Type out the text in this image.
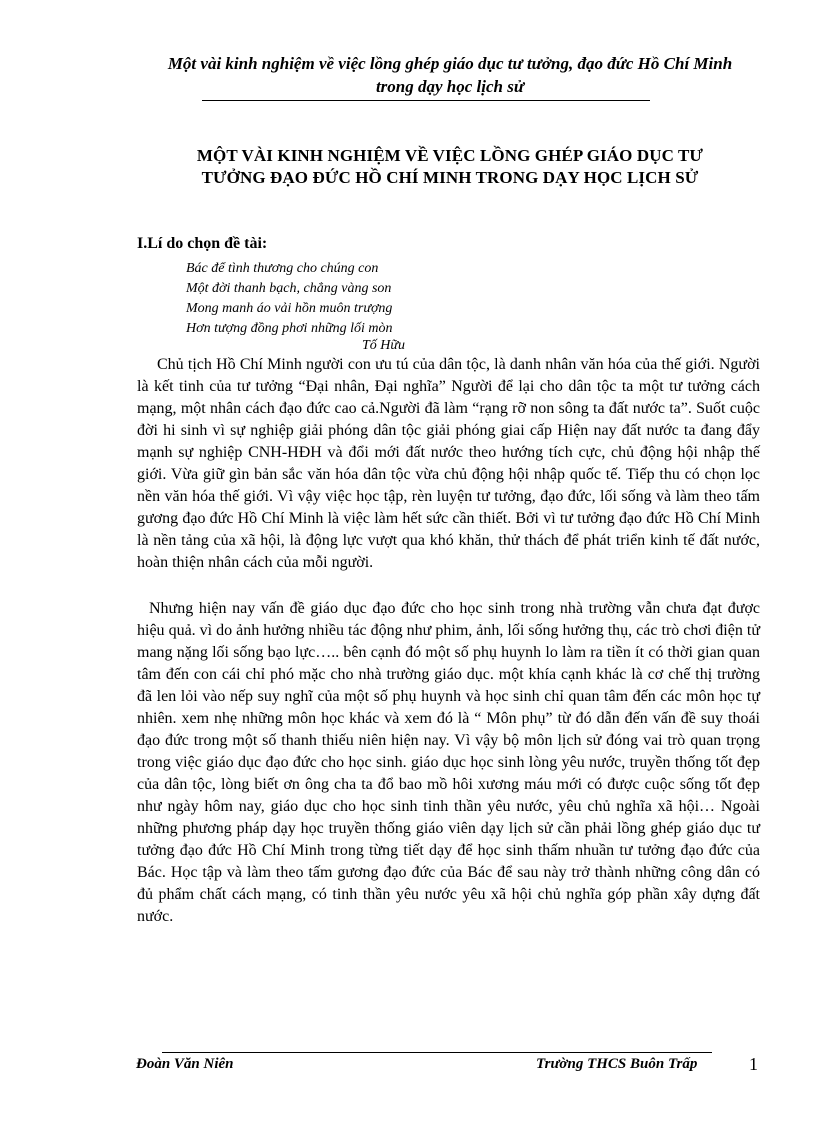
Một vài kinh nghiệm về việc lồng ghép giáo dục tư tưởng, đạo đức Hồ Chí Minh
trong dạy học lịch sử
MỘT VÀI KINH NGHIỆM VỀ VIỆC LỒNG GHÉP GIÁO DỤC TƯ
TƯỞNG ĐẠO ĐỨC HỒ CHÍ MINH TRONG DẠY HỌC LỊCH SỬ
I.Lí do chọn đề tài:
Bác để tình thương cho chúng con
Một đời thanh bạch, chẳng vàng son
Mong manh áo vải hồn muôn trượng
Hơn tượng đồng phơi những lối mòn
Tố Hữu
Chủ tịch Hồ Chí Minh người con ưu tú của dân tộc, là danh nhân văn hóa của thế giới. Người là kết tinh của tư tưởng “Đại nhân, Đại nghĩa” Người để lại cho dân tộc ta một tư tưởng cách mạng, một nhân cách đạo đức cao cả.Người đã làm “rạng rỡ non sông ta đất nước ta”. Suốt cuộc đời hi sinh vì sự nghiệp giải phóng dân tộc giải phóng giai cấp Hiện nay đất nước ta đang đẩy mạnh sự nghiệp CNH-HĐH và đổi mới đất nước theo hướng tích cực, chủ động hội nhập thế giới. Vừa giữ gìn bản sắc văn hóa dân tộc vừa chủ động hội nhập quốc tế. Tiếp thu có chọn lọc nền văn hóa thế giới. Vì vậy việc học tập, rèn luyện tư tưởng, đạo đức, lối sống và làm theo tấm gương đạo đức Hồ Chí Minh là việc làm hết sức cần thiết. Bởi vì tư tưởng đạo đức Hồ Chí Minh là nền tảng của xã hội, là động lực vượt qua khó khăn, thử thách để phát triển kinh tế đất nước, hoàn thiện nhân cách của mỗi người.
Nhưng hiện nay vấn đề giáo dục đạo đức cho học sinh trong nhà trường vẫn chưa đạt được hiệu quả. vì do ảnh hưởng nhiều tác động như phim, ảnh, lối sống hưởng thụ, các trò chơi điện tử mang nặng lối sống bạo lực….. bên cạnh đó một số phụ huynh lo làm ra tiền ít có thời gian quan tâm đến con cái chỉ phó mặc cho nhà trường giáo dục. một khía cạnh khác là cơ chế thị trường đã len lỏi vào nếp suy nghĩ của một số phụ huynh và học sinh chỉ quan tâm đến các môn học tự nhiên. xem nhẹ những môn học khác và xem đó là “ Môn phụ” từ đó dẫn đến vấn đề suy thoái đạo đức trong một số thanh thiếu niên hiện nay. Vì vậy bộ môn lịch sử đóng vai trò quan trọng trong việc giáo dục đạo đức cho học sinh. giáo dục học sinh lòng yêu nước, truyền thống tốt đẹp của dân tộc, lòng biết ơn ông cha ta đổ bao mồ hôi xương máu mới có được cuộc sống tốt đẹp như ngày hôm nay, giáo dục cho học sinh tinh thần yêu nước, yêu chủ nghĩa xã hội… Ngoài những phương pháp dạy học truyền thống giáo viên dạy lịch sử cần phải lồng ghép giáo dục tư tưởng đạo đức Hồ Chí Minh trong từng tiết dạy để học sinh thấm nhuần tư tưởng đạo đức của Bác. Học tập và làm theo tấm gương đạo đức của Bác để sau này trở thành những công dân có đủ phẩm chất cách mạng, có tinh thần yêu nước yêu xã hội chủ nghĩa góp phần xây dựng đất nước.
Đoàn Văn Niên	Trường THCS Buôn Trấp	1
